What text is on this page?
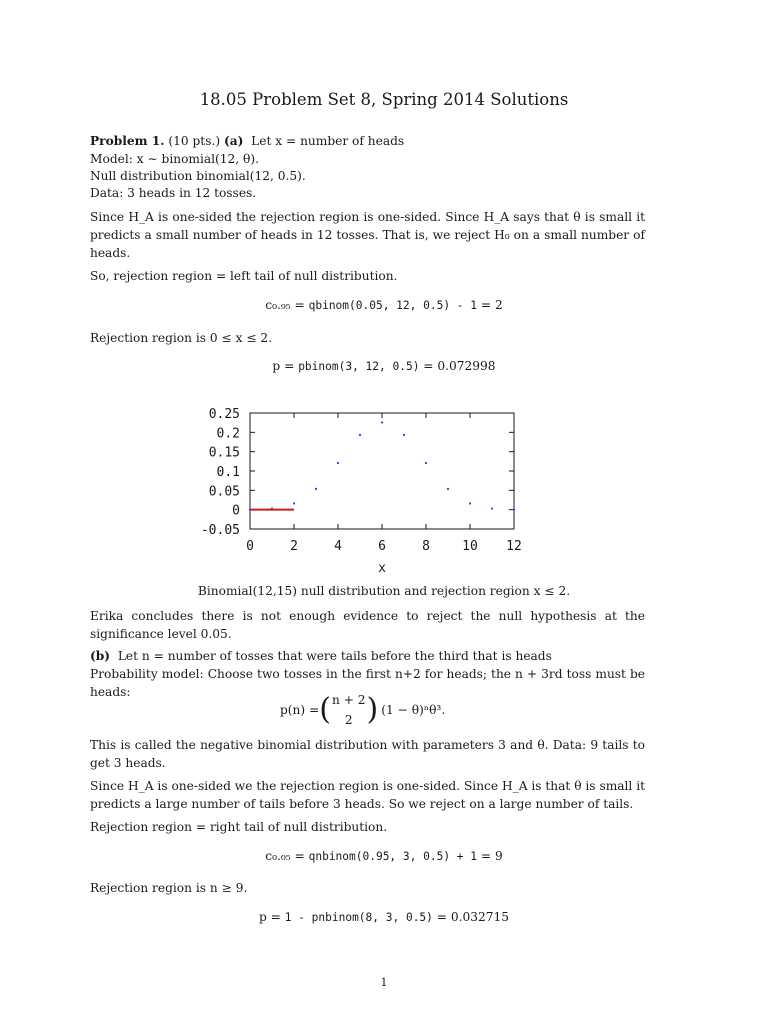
18.05 Problem Set 8, Spring 2014 Solutions
Problem 1. (10 pts.) (a) Let x = number of heads
Model: x ∼ binomial(12, θ).
Null distribution binomial(12, 0.5).
Data: 3 heads in 12 tosses.
Since H_A is one-sided the rejection region is one-sided. Since H_A says that θ is small it predicts a small number of heads in 12 tosses. That is, we reject H₀ on a small number of heads.
So, rejection region = left tail of null distribution.
c₀.₉₅ = qbinom(0.05, 12, 0.5) - 1 = 2
Rejection region is 0 ≤ x ≤ 2.
p = pbinom(3, 12, 0.5) = 0.072998
0	2	4	6	8 10 12
0.25
0.2
0.15
0.1
0.05
0
-0.05
x
Binomial(12,15) null distribution and rejection region x ≤ 2.
Erika concludes there is not enough evidence to reject the null hypothesis at the significance level 0.05.
(b) Let n = number of tosses that were tails before the third that is heads
Probability model: Choose two tosses in the first n+2 for heads; the n + 3rd toss must be heads:
p(n) =	(	n + 2
2	)	(1 − θ)ⁿθ³.
This is called the negative binomial distribution with parameters 3 and θ. Data: 9 tails to get 3 heads.
Since H_A is one-sided we the rejection region is one-sided. Since H_A is that θ is small it predicts a large number of tails before 3 heads. So we reject on a large number of tails.
Rejection region = right tail of null distribution.
c₀.₀₅ = qnbinom(0.95, 3, 0.5) + 1 = 9
Rejection region is n ≥ 9.
p = 1 - pnbinom(8, 3, 0.5) = 0.032715
1
